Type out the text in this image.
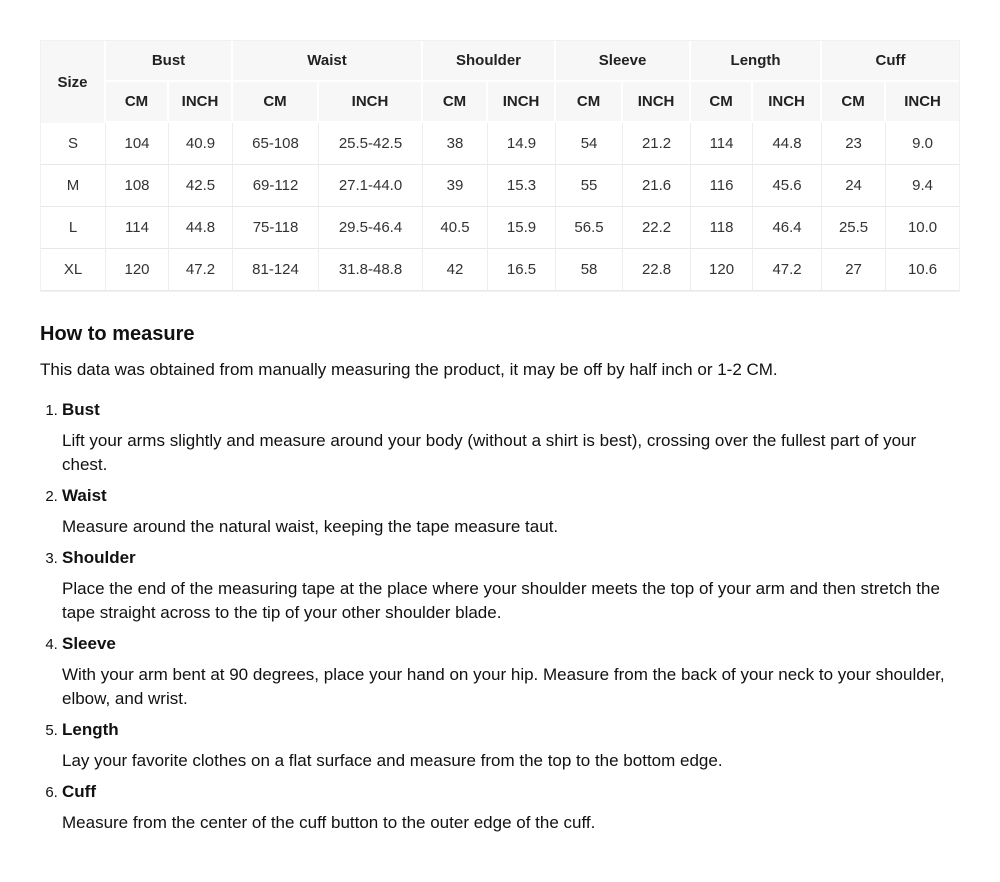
Size	Bust		Waist		Shoulder		Sleeve		Length		Cuff	
	CM	INCH	CM	INCH	CM	INCH	CM	INCH	CM	INCH	CM	INCH
S	104	40.9	65-108	25.5-42.5	38	14.9	54	21.2	114	44.8	23	9.0
M	108	42.5	69-112	27.1-44.0	39	15.3	55	21.6	116	45.6	24	9.4
L	114	44.8	75-118	29.5-46.4	40.5	15.9	56.5	22.2	118	46.4	25.5	10.0
XL	120	47.2	81-124	31.8-48.8	42	16.5	58	22.8	120	47.2	27	10.6
How to measure

This data was obtained from manually measuring the product, it may be off by half inch or 1-2 CM.

1. Bust

Lift your arms slightly and measure around your body (without a shirt is best), crossing over the fullest part of your chest.

2. Waist

Measure around the natural waist, keeping the tape measure taut.

3. Shoulder

Place the end of the measuring tape at the place where your shoulder meets the top of your arm and then stretch the tape straight across to the tip of your other shoulder blade.

4. Sleeve

With your arm bent at 90 degrees, place your hand on your hip. Measure from the back of your neck to your shoulder, elbow, and wrist.

5. Length

Lay your favorite clothes on a flat surface and measure from the top to the bottom edge.

6. Cuff

Measure from the center of the cuff button to the outer edge of the cuff.
